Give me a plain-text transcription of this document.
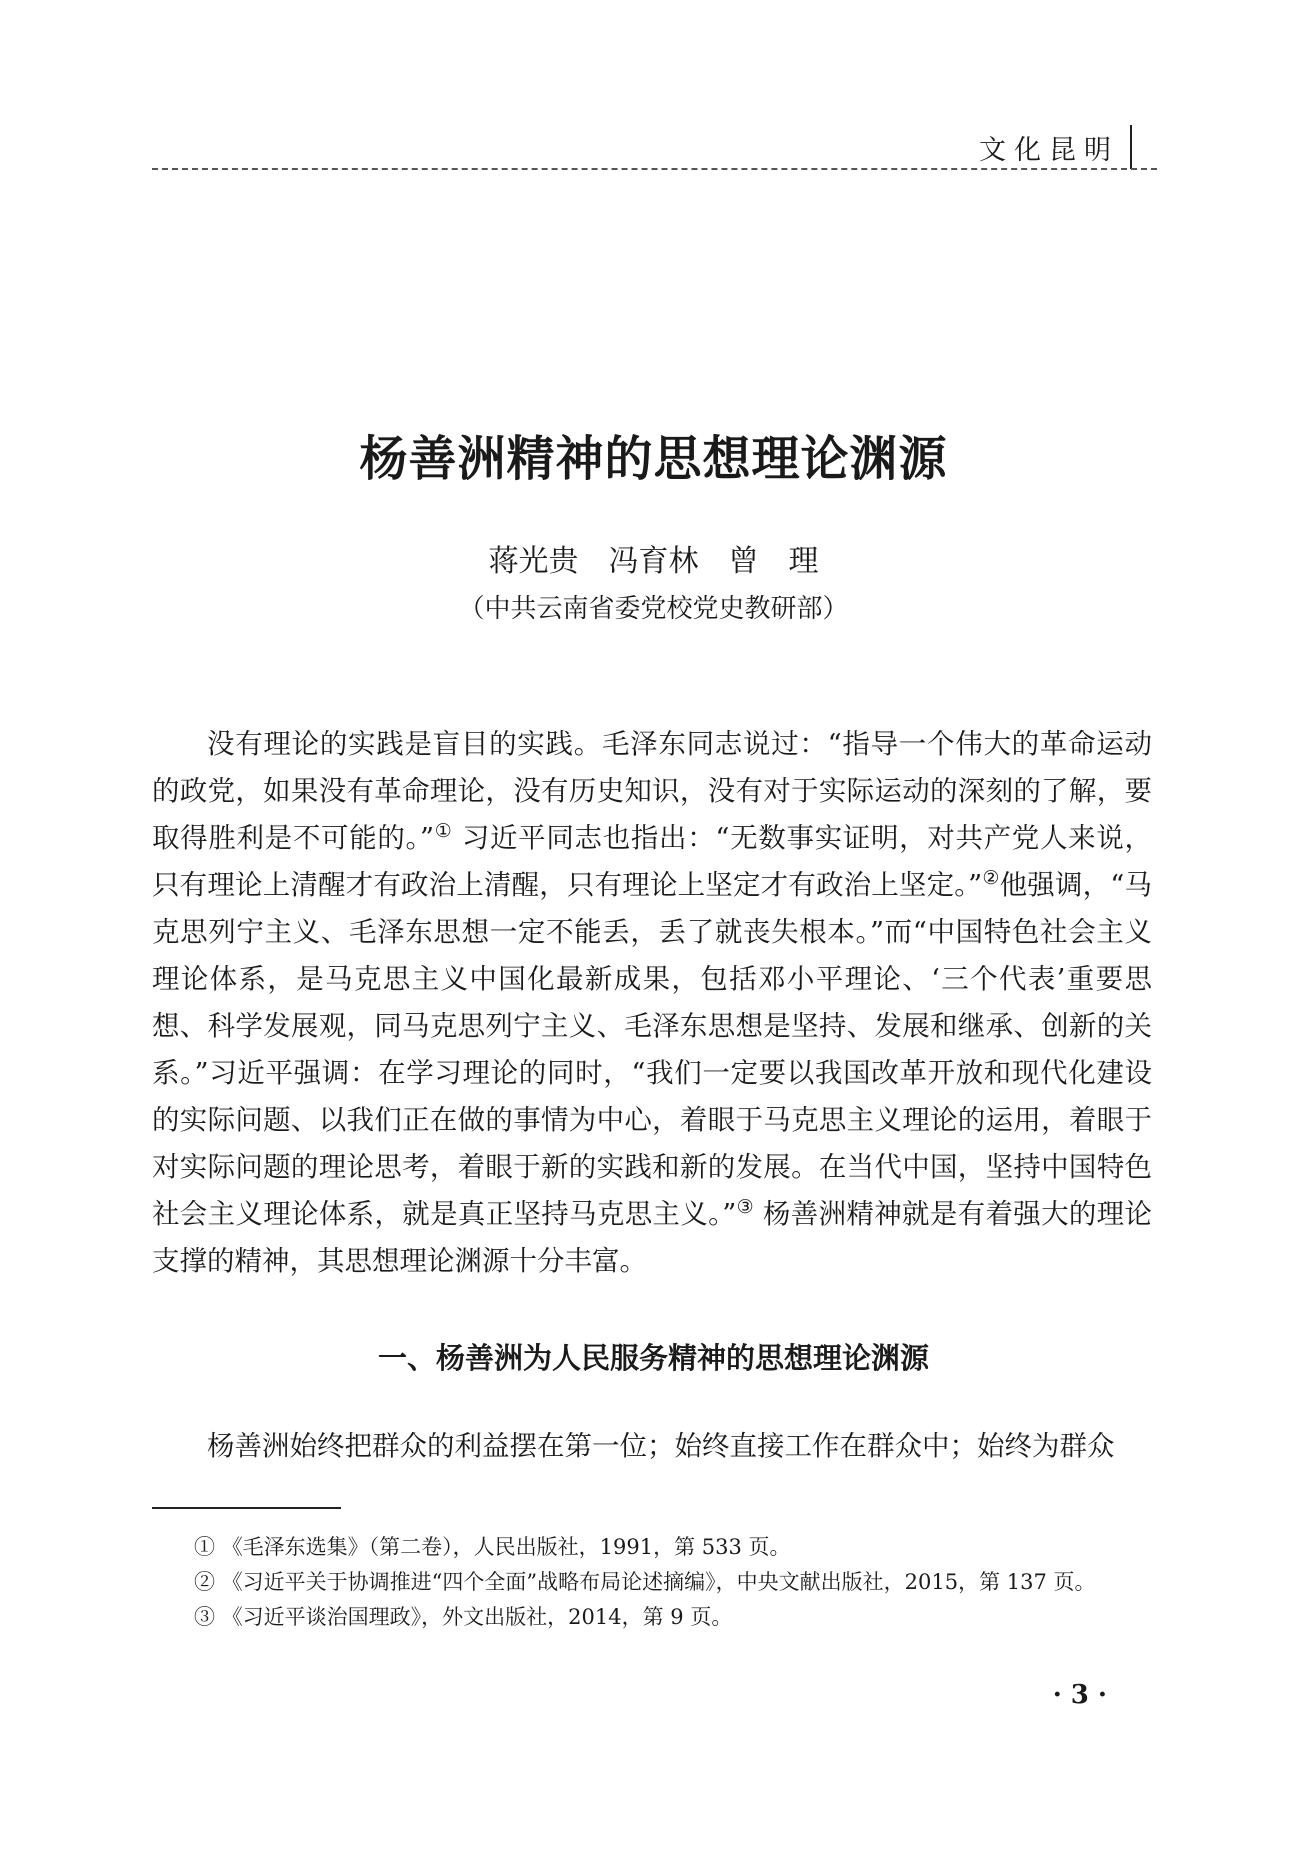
文化昆明
杨善洲精神的思想理论渊源
蒋光贵　冯育林　曾　理
（中共云南省委党校党史教研部）

没有理论的实践是盲目的实践。毛泽东同志说过：“指导一个伟大的革命运动的政党，如果没有革命理论，没有历史知识，没有对于实际运动的深刻的了解，要取得胜利是不可能的。”① 习近平同志也指出：“无数事实证明，对共产党人来说，只有理论上清醒才有政治上清醒，只有理论上坚定才有政治上坚定。”②他强调，“马克思列宁主义、毛泽东思想一定不能丢，丢了就丧失根本。”而“中国特色社会主义理论体系，是马克思主义中国化最新成果，包括邓小平理论、‘三个代表’重要思想、科学发展观，同马克思列宁主义、毛泽东思想是坚持、发展和继承、创新的关系。”习近平强调：在学习理论的同时，“我们一定要以我国改革开放和现代化建设的实际问题、以我们正在做的事情为中心，着眼于马克思主义理论的运用，着眼于对实际问题的理论思考，着眼于新的实践和新的发展。在当代中国，坚持中国特色社会主义理论体系，就是真正坚持马克思主义。”③ 杨善洲精神就是有着强大的理论支撑的精神，其思想理论渊源十分丰富。

一、杨善洲为人民服务精神的思想理论渊源

杨善洲始终把群众的利益摆在第一位；始终直接工作在群众中；始终为群众

① 《毛泽东选集》（第二卷），人民出版社，1991，第 533 页。

② 《习近平关于协调推进“四个全面”战略布局论述摘编》，中央文献出版社，2015，第 137 页。

③ 《习近平谈治国理政》，外文出版社，2014，第 9 页。

· 3 ·
